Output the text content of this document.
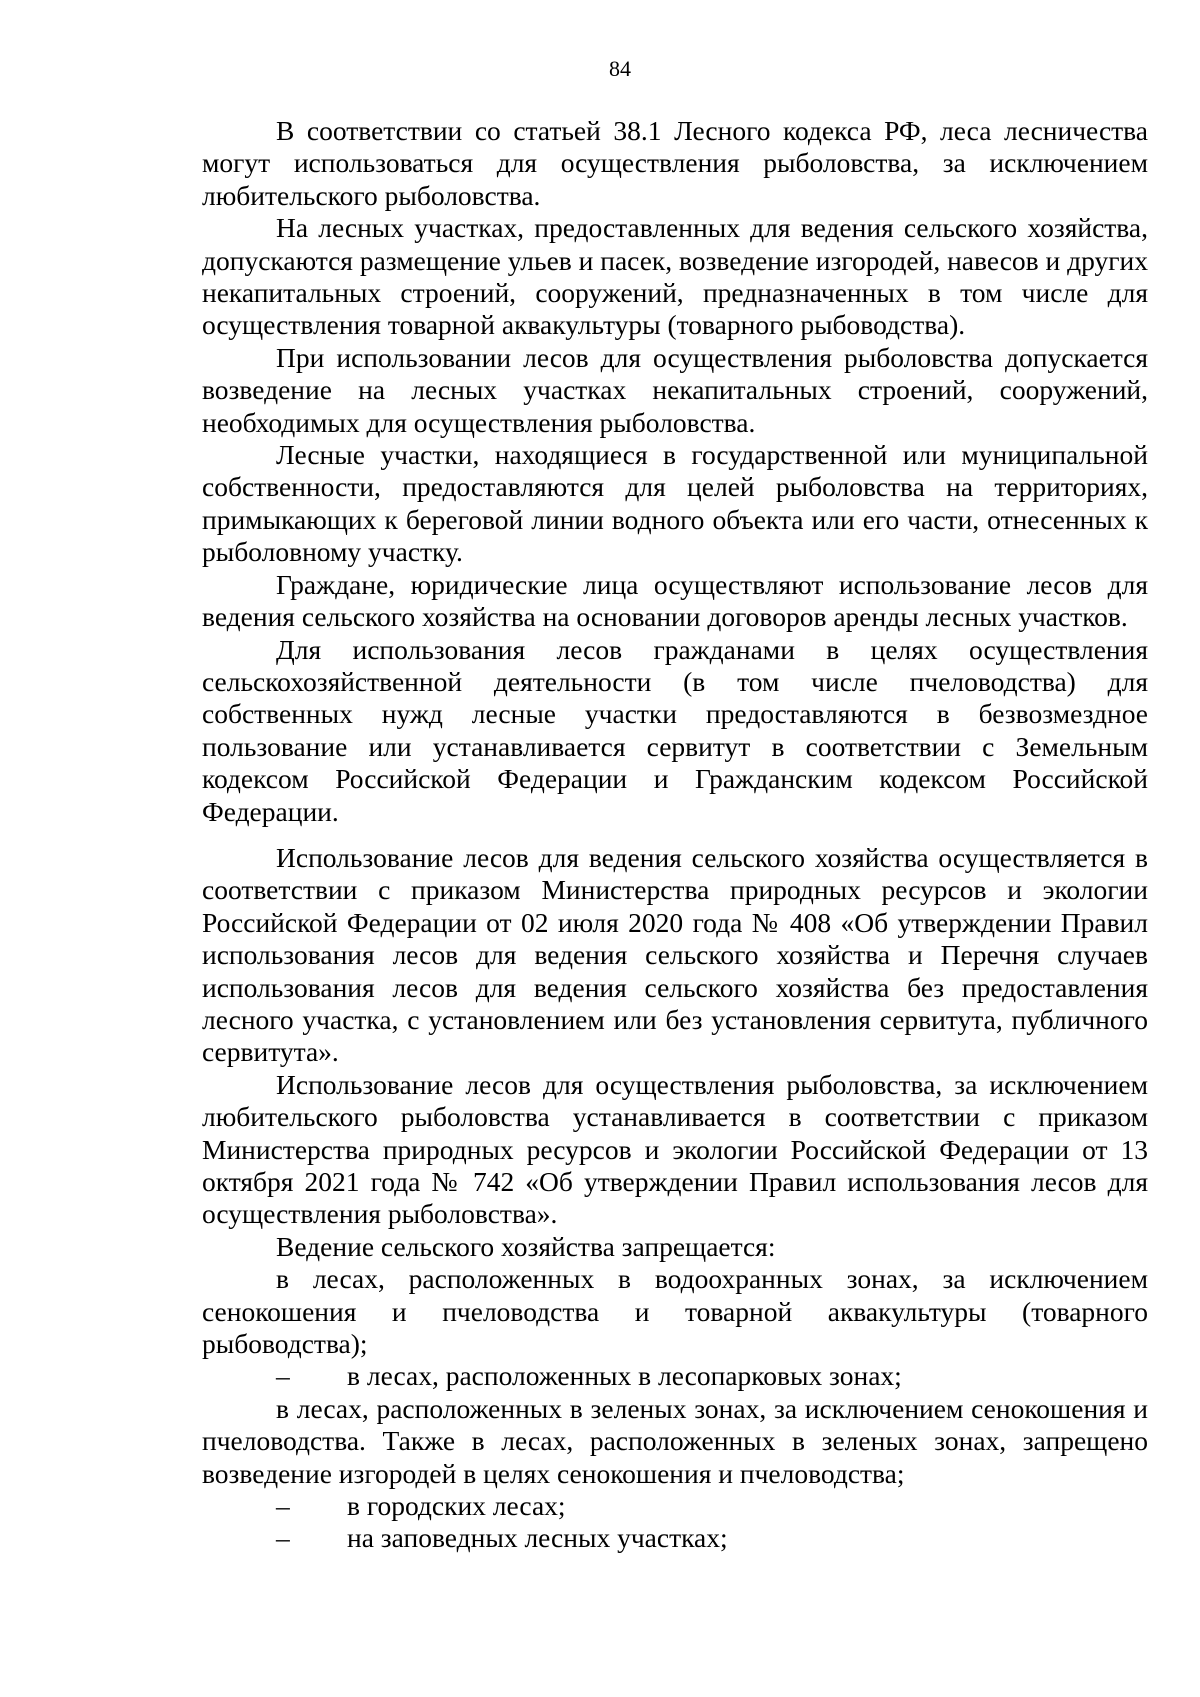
84

В соответствии со статьей 38.1 Лесного кодекса РФ, леса лесничества могут использоваться для осуществления рыболовства, за исключением любительского рыболовства.

На лесных участках, предоставленных для ведения сельского хозяйства, допускаются размещение ульев и пасек, возведение изгородей, навесов и других некапитальных строений, сооружений, предназначенных в том числе для осуществления товарной аквакультуры (товарного рыбоводства).

При использовании лесов для осуществления рыболовства допускается возведение на лесных участках некапитальных строений, сооружений, необходимых для осуществления рыболовства.

Лесные участки, находящиеся в государственной или муниципальной собственности, предоставляются для целей рыболовства на территориях, примыкающих к береговой линии водного объекта или его части, отнесенных к рыболовному участку.

Граждане, юридические лица осуществляют использование лесов для ведения сельского хозяйства на основании договоров аренды лесных участков.

Для использования лесов гражданами в целях осуществления сельскохозяйственной деятельности (в том числе пчеловодства) для собственных нужд лесные участки предоставляются в безвозмездное пользование или устанавливается сервитут в соответствии с Земельным кодексом Российской Федерации и Гражданским кодексом Российской Федерации.

Использование лесов для ведения сельского хозяйства осуществляется в соответствии с приказом Министерства природных ресурсов и экологии Российской Федерации от 02 июля 2020 года № 408 «Об утверждении Правил использования лесов для ведения сельского хозяйства и Перечня случаев использования лесов для ведения сельского хозяйства без предоставления лесного участка, с установлением или без установления сервитута, публичного сервитута».

Использование лесов для осуществления рыболовства, за исключением любительского рыболовства устанавливается в соответствии с приказом Министерства природных ресурсов и экологии Российской Федерации от 13 октября 2021 года № 742 «Об утверждении Правил использования лесов для осуществления рыболовства».

Ведение сельского хозяйства запрещается:

в лесах, расположенных в водоохранных зонах, за исключением сенокошения и пчеловодства и товарной аквакультуры (товарного рыбоводства);

– в лесах, расположенных в лесопарковых зонах;

в лесах, расположенных в зеленых зонах, за исключением сенокошения и пчеловодства. Также в лесах, расположенных в зеленых зонах, запрещено возведение изгородей в целях сенокошения и пчеловодства;

– в городских лесах;

– на заповедных лесных участках;
